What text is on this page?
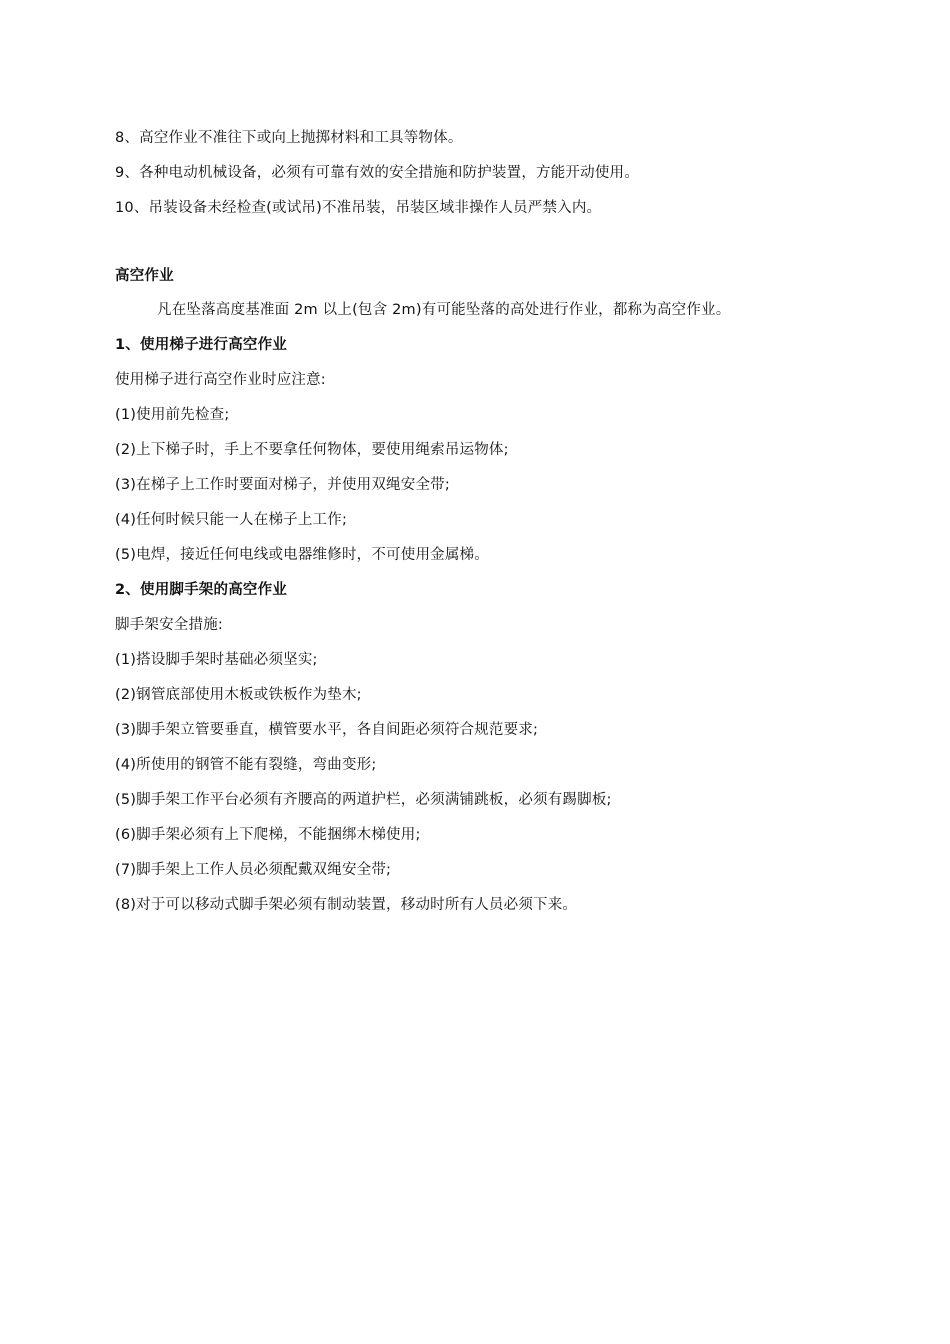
8、高空作业不准往下或向上抛掷材料和工具等物体。
9、各种电动机械设备，必须有可靠有效的安全措施和防护装置，方能开动使用。
10、吊装设备未经检查(或试吊)不准吊装，吊装区域非操作人员严禁入内。
高空作业
凡在坠落高度基准面 2m 以上(包含 2m)有可能坠落的高处进行作业，都称为高空作业。
1、使用梯子进行高空作业
使用梯子进行高空作业时应注意:
(1)使用前先检查;
(2)上下梯子时，手上不要拿任何物体，要使用绳索吊运物体;
(3)在梯子上工作时要面对梯子，并使用双绳安全带;
(4)任何时候只能一人在梯子上工作;
(5)电焊，接近任何电线或电器维修时，不可使用金属梯。
2、使用脚手架的高空作业
脚手架安全措施:
(1)搭设脚手架时基础必须坚实;
(2)钢管底部使用木板或铁板作为垫木;
(3)脚手架立管要垂直，横管要水平，各自间距必须符合规范要求;
(4)所使用的钢管不能有裂缝，弯曲变形;
(5)脚手架工作平台必须有齐腰高的两道护栏，必须满铺跳板，必须有踢脚板;
(6)脚手架必须有上下爬梯，不能捆绑木梯使用;
(7)脚手架上工作人员必须配戴双绳安全带;
(8)对于可以移动式脚手架必须有制动装置，移动时所有人员必须下来。
